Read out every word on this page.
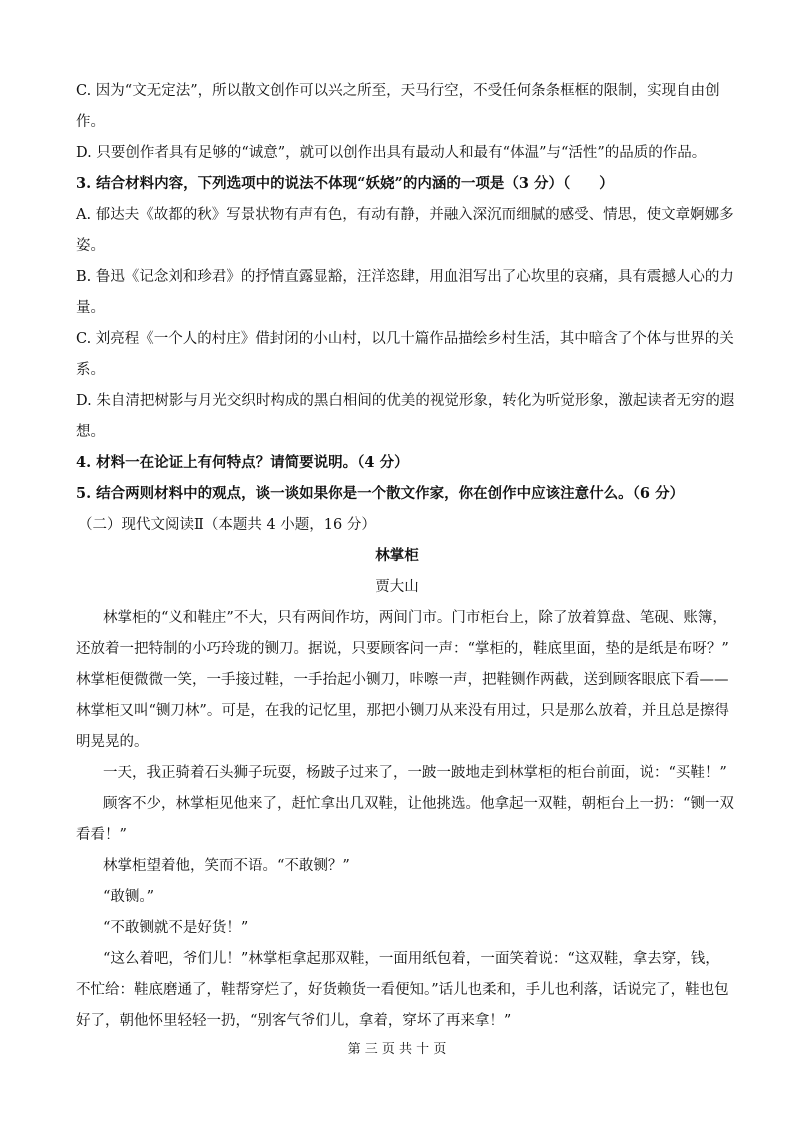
C. 因为“文无定法”，所以散文创作可以兴之所至，天马行空，不受任何条条框框的限制，实现自由创
作。
D. 只要创作者具有足够的“诚意”，就可以创作出具有最动人和最有“体温”与“活性”的品质的作品。
3. 结合材料内容，下列选项中的说法不体现“妖娆”的内涵的一项是（3 分）（　　）
A. 郁达夫《故都的秋》写景状物有声有色，有动有静，并融入深沉而细腻的感受、情思，使文章婀娜多
姿。
B. 鲁迅《记念刘和珍君》的抒情直露显豁，汪洋恣肆，用血泪写出了心坎里的哀痛，具有震撼人心的力
量。
C. 刘亮程《一个人的村庄》借封闭的小山村，以几十篇作品描绘乡村生活，其中暗含了个体与世界的关
系。
D. 朱自清把树影与月光交织时构成的黑白相间的优美的视觉形象，转化为听觉形象，激起读者无穷的遐
想。
4. 材料一在论证上有何特点？请简要说明。（4 分）
5. 结合两则材料中的观点，谈一谈如果你是一个散文作家，你在创作中应该注意什么。（6 分）
（二）现代文阅读Ⅱ（本题共 4 小题，16 分）
林掌柜
贾大山
林掌柜的“义和鞋庄”不大，只有两间作坊，两间门市。门市柜台上，除了放着算盘、笔砚、账簿，
还放着一把特制的小巧玲珑的铡刀。据说，只要顾客问一声：“掌柜的，鞋底里面，垫的是纸是布呀？”
林掌柜便微微一笑，一手接过鞋，一手抬起小铡刀，咔嚓一声，把鞋铡作两截，送到顾客眼底下看——
林掌柜又叫“铡刀林”。可是，在我的记忆里，那把小铡刀从来没有用过，只是那么放着，并且总是擦得
明晃晃的。
一天，我正骑着石头狮子玩耍，杨跛子过来了，一跛一跛地走到林掌柜的柜台前面，说：“买鞋！”
顾客不少，林掌柜见他来了，赶忙拿出几双鞋，让他挑选。他拿起一双鞋，朝柜台上一扔：“铡一双
看看！”
林掌柜望着他，笑而不语。“不敢铡？”
“敢铡。”
“不敢铡就不是好货！”
“这么着吧，爷们儿！”林掌柜拿起那双鞋，一面用纸包着，一面笑着说：“这双鞋，拿去穿，钱，
不忙给：鞋底磨通了，鞋帮穿烂了，好货赖货一看便知。”话儿也柔和，手儿也利落，话说完了，鞋也包
好了，朝他怀里轻轻一扔，“别客气爷们儿，拿着，穿坏了再来拿！”
第 三 页 共 十 页
